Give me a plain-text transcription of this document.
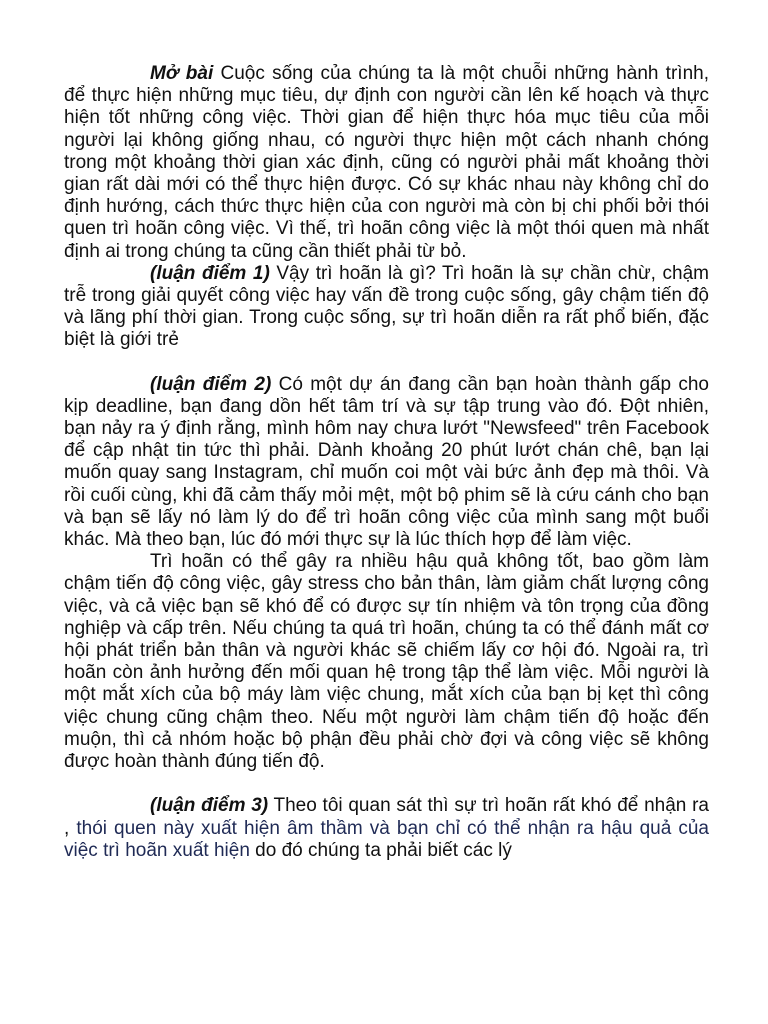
Mở bài Cuộc sống của chúng ta là một chuỗi những hành trình, để thực hiện những mục tiêu, dự định con người cần lên kế hoạch và thực hiện tốt những công việc. Thời gian để hiện thực hóa mục tiêu của mỗi người lại không giống nhau, có người thực hiện một cách nhanh chóng trong một khoảng thời gian xác định, cũng có người phải mất khoảng thời gian rất dài mới có thể thực hiện được. Có sự khác nhau này không chỉ do định hướng, cách thức thực hiện của con người mà còn bị chi phối bởi thói quen trì hoãn công việc. Vì thế, trì hoãn công việc là một thói quen mà nhất định ai trong chúng ta cũng cần thiết phải từ bỏ.

(luận điểm 1) Vậy trì hoãn là gì? Trì hoãn là sự chần chừ, chậm trễ trong giải quyết công việc hay vấn đề trong cuộc sống, gây chậm tiến độ và lãng phí thời gian. Trong cuộc sống, sự trì hoãn diễn ra rất phổ biến, đặc biệt là giới trẻ

(luận điểm 2) Có một dự án đang cần bạn hoàn thành gấp cho kịp deadline, bạn đang dồn hết tâm trí và sự tập trung vào đó. Đột nhiên, bạn nảy ra ý định rằng, mình hôm nay chưa lướt "Newsfeed" trên Facebook để cập nhật tin tức thì phải. Dành khoảng 20 phút lướt chán chê, bạn lại muốn quay sang Instagram, chỉ muốn coi một vài bức ảnh đẹp mà thôi. Và rồi cuối cùng, khi đã cảm thấy mỏi mệt, một bộ phim sẽ là cứu cánh cho bạn và bạn sẽ lấy nó làm lý do để trì hoãn công việc của mình sang một buổi khác. Mà theo bạn, lúc đó mới thực sự là lúc thích hợp để làm việc.

Trì hoãn có thể gây ra nhiều hậu quả không tốt, bao gồm làm chậm tiến độ công việc, gây stress cho bản thân, làm giảm chất lượng công việc, và cả việc bạn sẽ khó để có được sự tín nhiệm và tôn trọng của đồng nghiệp và cấp trên. Nếu chúng ta quá trì hoãn, chúng ta có thể đánh mất cơ hội phát triển bản thân và người khác sẽ chiếm lấy cơ hội đó. Ngoài ra, trì hoãn còn ảnh hưởng đến mối quan hệ trong tập thể làm việc. Mỗi người là một mắt xích của bộ máy làm việc chung, mắt xích của bạn bị kẹt thì công việc chung cũng chậm theo. Nếu một người làm chậm tiến độ hoặc đến muộn, thì cả nhóm hoặc bộ phận đều phải chờ đợi và công việc sẽ không được hoàn thành đúng tiến độ.

(luận điểm 3) Theo tôi quan sát thì sự trì hoãn rất khó để nhận ra , thói quen này xuất hiện âm thầm và bạn chỉ có thể nhận ra hậu quả của việc trì hoãn xuất hiện do đó chúng ta phải biết các lý
